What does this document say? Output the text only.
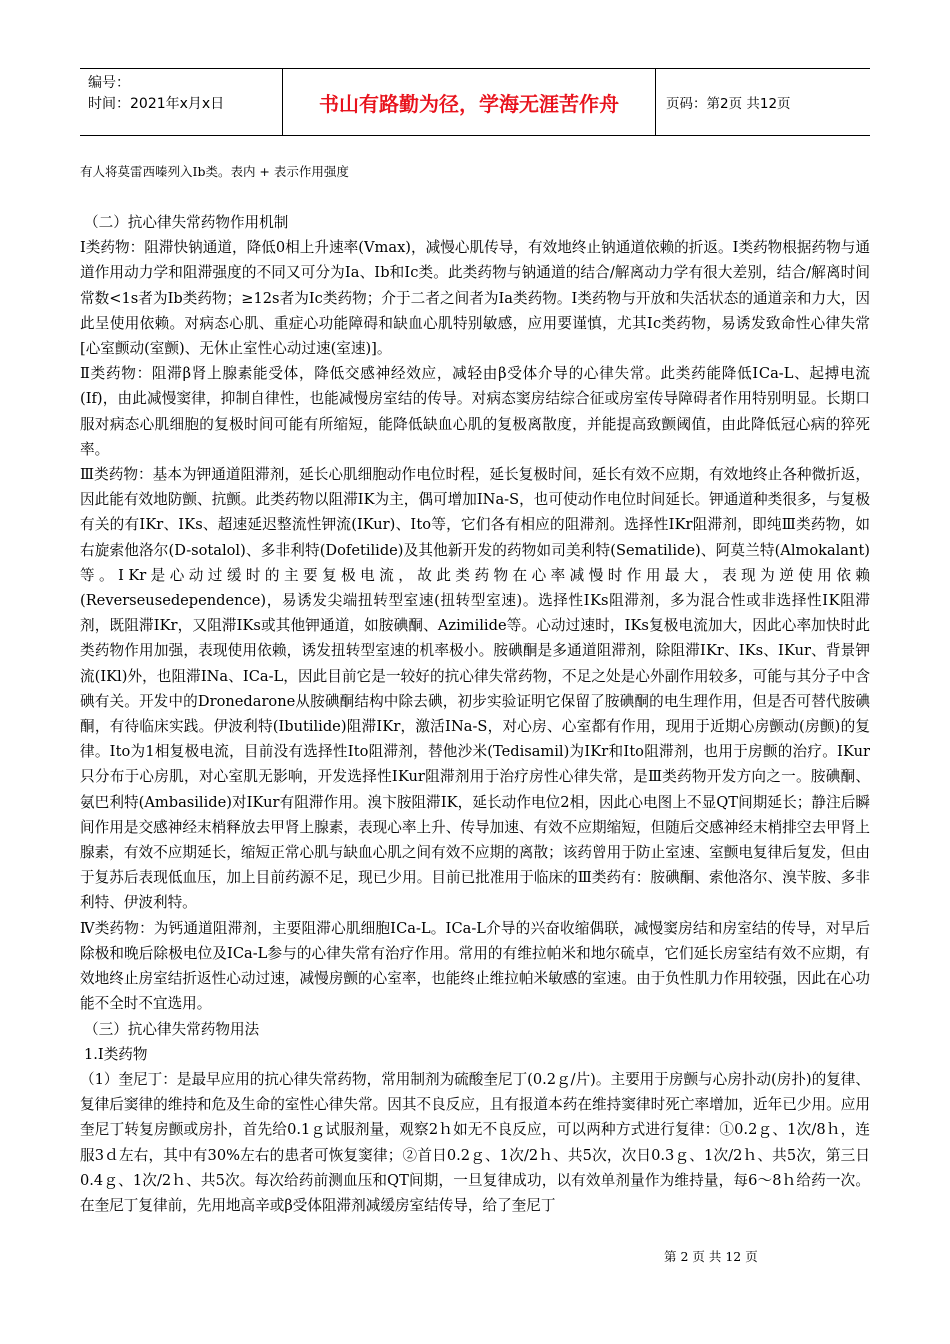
编号：
时间：2021年x月x日	书山有路勤为径，学海无涯苦作舟	页码：第2页 共12页
有人将莫雷西嗪列入Ⅰb类。表内 + 表示作用强度

（二）抗心律失常药物作用机制

Ⅰ类药物：阻滞快钠通道，降低0相上升速率(Ⅴmax)，减慢心肌传导，有效地终止钠通道依赖的折返。Ⅰ类药物根据药物与通道作用动力学和阻滞强度的不同又可分为Ⅰa、Ⅰb和Ⅰc类。此类药物与钠通道的结合/解离动力学有很大差别，结合/解离时间常数<1s者为Ⅰb类药物；≥12s者为Ⅰc类药物；介于二者之间者为Ⅰa类药物。Ⅰ类药物与开放和失活状态的通道亲和力大，因此呈使用依赖。对病态心肌、重症心功能障碍和缺血心肌特别敏感，应用要谨慎，尤其Ⅰc类药物，易诱发致命性心律失常[心室颤动(室颤)、无休止室性心动过速(室速)]。

Ⅱ类药物：阻滞β肾上腺素能受体，降低交感神经效应，减轻由β受体介导的心律失常。此类药能降低ⅠCa-L、起搏电流(If)，由此减慢窦律，抑制自律性，也能减慢房室结的传导。对病态窦房结综合征或房室传导障碍者作用特别明显。长期口服对病态心肌细胞的复极时间可能有所缩短，能降低缺血心肌的复极离散度，并能提高致颤阈值，由此降低冠心病的猝死率。

Ⅲ类药物：基本为钾通道阻滞剂，延长心肌细胞动作电位时程，延长复极时间，延长有效不应期，有效地终止各种微折返，因此能有效地防颤、抗颤。此类药物以阻滞ⅠK为主，偶可增加ⅠNa-S，也可使动作电位时间延长。钾通道种类很多，与复极有关的有ⅠKr、ⅠKs、超速延迟整流性钾流(IKur)、Ⅰto等，它们各有相应的阻滞剂。选择性ⅠKr阻滞剂，即纯Ⅲ类药物，如右旋索他洛尔(D-sotalol)、多非利特(Dofetilide)及其他新开发的药物如司美利特(Sematilide)、阿莫兰特(Almokalant)等。ⅠKr是心动过缓时的主要复极电流，故此类药物在心率减慢时作用最大，表现为逆使用依赖(Reverseusedependence)，易诱发尖端扭转型室速(扭转型室速)。选择性ⅠKs阻滞剂，多为混合性或非选择性ⅠK阻滞剂，既阻滞ⅠKr，又阻滞ⅠKs或其他钾通道，如胺碘酮、Azimilide等。心动过速时，ⅠKs复极电流加大，因此心率加快时此类药物作用加强，表现使用依赖，诱发扭转型室速的机率极小。胺碘酮是多通道阻滞剂，除阻滞ⅠKr、ⅠKs、ⅠKur、背景钾流(IKl)外，也阻滞ⅠNa、ⅠCa-L，因此目前它是一较好的抗心律失常药物，不足之处是心外副作用较多，可能与其分子中含碘有关。开发中的Dronedarone从胺碘酮结构中除去碘，初步实验证明它保留了胺碘酮的电生理作用，但是否可替代胺碘酮，有待临床实践。伊波利特(Ibutilide)阻滞ⅠKr，激活ⅠNa-S，对心房、心室都有作用，现用于近期心房颤动(房颤)的复律。Ⅰto为1相复极电流，目前没有选择性Ⅰto阻滞剂，替他沙米(Tedisamil)为ⅠKr和Ⅰto阻滞剂，也用于房颤的治疗。ⅠKur只分布于心房肌，对心室肌无影响，开发选择性ⅠKur阻滞剂用于治疗房性心律失常，是Ⅲ类药物开发方向之一。胺碘酮、氨巴利特(Ambasilide)对ⅠKur有阻滞作用。溴卞胺阻滞ⅠK，延长动作电位2相，因此心电图上不显QT间期延长；静注后瞬间作用是交感神经末梢释放去甲肾上腺素，表现心率上升、传导加速、有效不应期缩短，但随后交感神经末梢排空去甲肾上腺素，有效不应期延长，缩短正常心肌与缺血心肌之间有效不应期的离散；该药曾用于防止室速、室颤电复律后复发，但由于复苏后表现低血压，加上目前药源不足，现已少用。目前已批准用于临床的Ⅲ类药有：胺碘酮、索他洛尔、溴苄胺、多非利特、伊波利特。

Ⅳ类药物：为钙通道阻滞剂，主要阻滞心肌细胞ⅠCa-L。ⅠCa-L介导的兴奋收缩偶联，减慢窦房结和房室结的传导，对早后除极和晚后除极电位及ⅠCa-L参与的心律失常有治疗作用。常用的有维拉帕米和地尔硫卓，它们延长房室结有效不应期，有效地终止房室结折返性心动过速，减慢房颤的心室率，也能终止维拉帕米敏感的室速。由于负性肌力作用较强，因此在心功能不全时不宜选用。

（三）抗心律失常药物用法

1.Ⅰ类药物

（1）奎尼丁：是最早应用的抗心律失常药物，常用制剂为硫酸奎尼丁(0.2ｇ/片)。主要用于房颤与心房扑动(房扑)的复律、复律后窦律的维持和危及生命的室性心律失常。因其不良反应，且有报道本药在维持窦律时死亡率增加，近年已少用。应用奎尼丁转复房颤或房扑，首先给0.1ｇ试服剂量，观察2ｈ如无不良反应，可以两种方式进行复律：①0.2ｇ、1次/8ｈ，连服3ｄ左右，其中有30%左右的患者可恢复窦律；②首日0.2ｇ、1次/2ｈ、共5次，次日0.3ｇ、1次/2ｈ、共5次，第三日0.4ｇ、1次/2ｈ、共5次。每次给药前测血压和QT间期，一旦复律成功，以有效单剂量作为维持量，每6～8ｈ给药一次。在奎尼丁复律前，先用地高辛或β受体阻滞剂减缓房室结传导，给了奎尼丁

第 2 页 共 12 页
